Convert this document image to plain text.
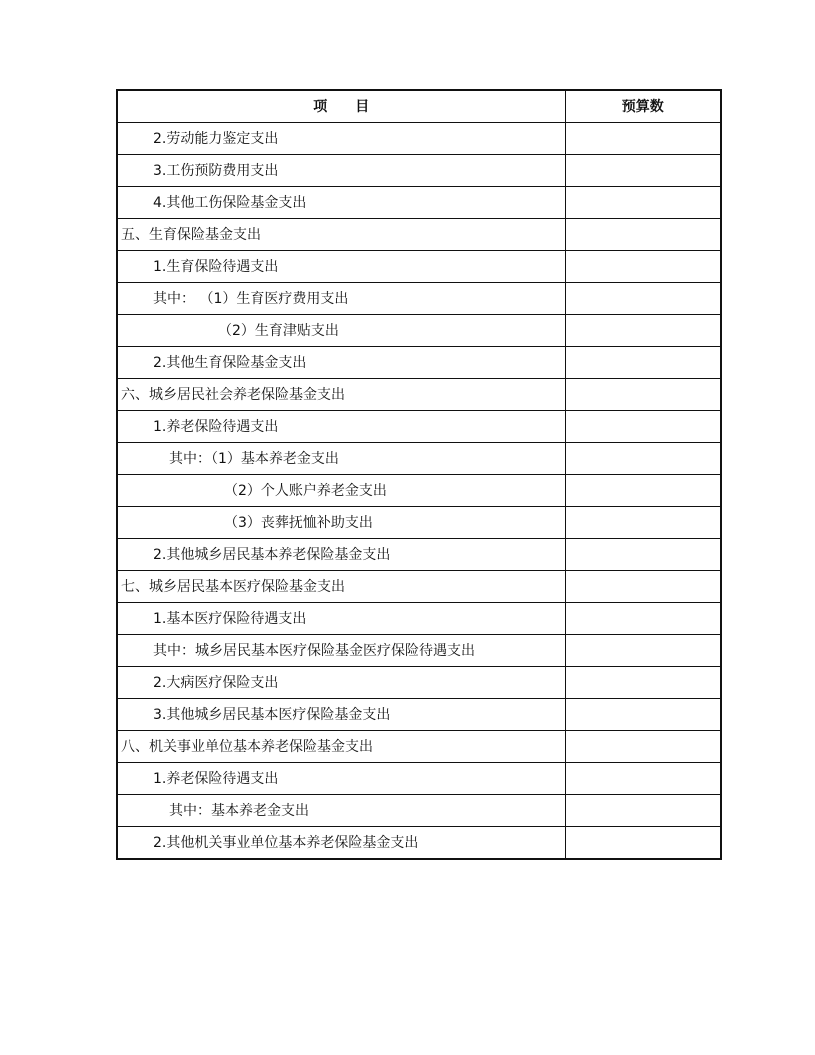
项 目	预算数
2.劳动能力鉴定支出	
3.工伤预防费用支出	
4.其他工伤保险基金支出	
五、生育保险基金支出	
1.生育保险待遇支出	
其中： （1）生育医疗费用支出	
（2）生育津贴支出	
2.其他生育保险基金支出	
六、城乡居民社会养老保险基金支出	
1.养老保险待遇支出	
其中：（1）基本养老金支出	
（2）个人账户养老金支出	
（3）丧葬抚恤补助支出	
2.其他城乡居民基本养老保险基金支出	
七、城乡居民基本医疗保险基金支出	
1.基本医疗保险待遇支出	
其中：城乡居民基本医疗保险基金医疗保险待遇支出	
2.大病医疗保险支出	
3.其他城乡居民基本医疗保险基金支出	
八、机关事业单位基本养老保险基金支出	
1.养老保险待遇支出	
其中：基本养老金支出	
2.其他机关事业单位基本养老保险基金支出	
